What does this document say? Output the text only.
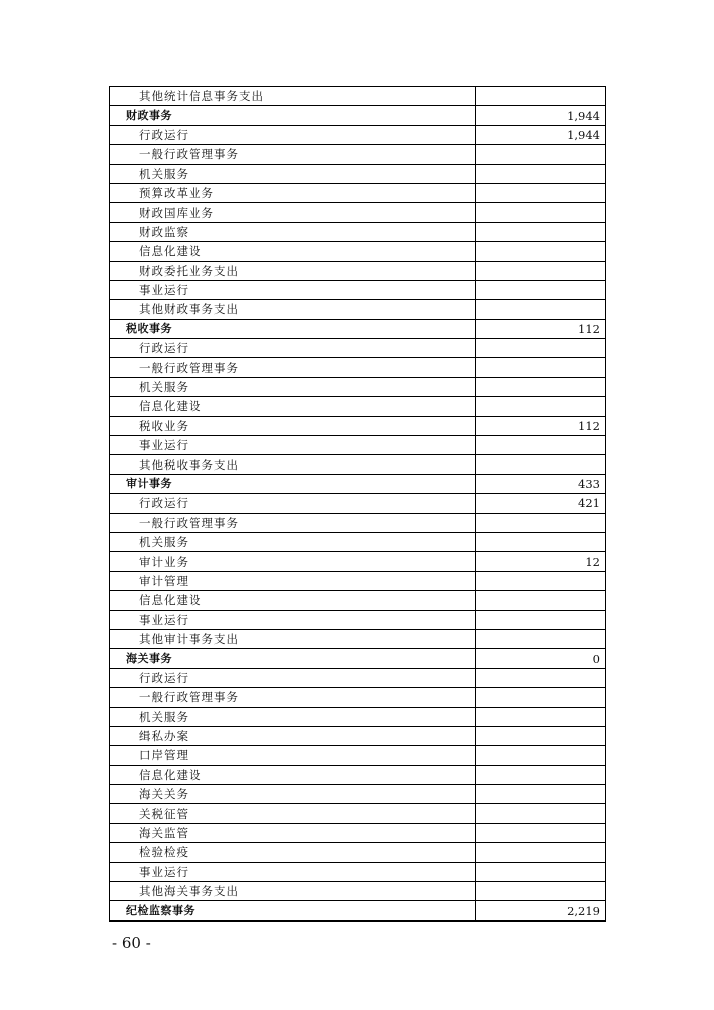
其他统计信息事务支出	
财政事务	1,944
行政运行	1,944
一般行政管理事务	
机关服务	
预算改革业务	
财政国库业务	
财政监察	
信息化建设	
财政委托业务支出	
事业运行	
其他财政事务支出	
税收事务	112
行政运行	
一般行政管理事务	
机关服务	
信息化建设	
税收业务	112
事业运行	
其他税收事务支出	
审计事务	433
行政运行	421
一般行政管理事务	
机关服务	
审计业务	12
审计管理	
信息化建设	
事业运行	
其他审计事务支出	
海关事务	0
行政运行	
一般行政管理事务	
机关服务	
缉私办案	
口岸管理	
信息化建设	
海关关务	
关税征管	
海关监管	
检验检疫	
事业运行	
其他海关事务支出	
纪检监察事务	2,219
- 60 -
